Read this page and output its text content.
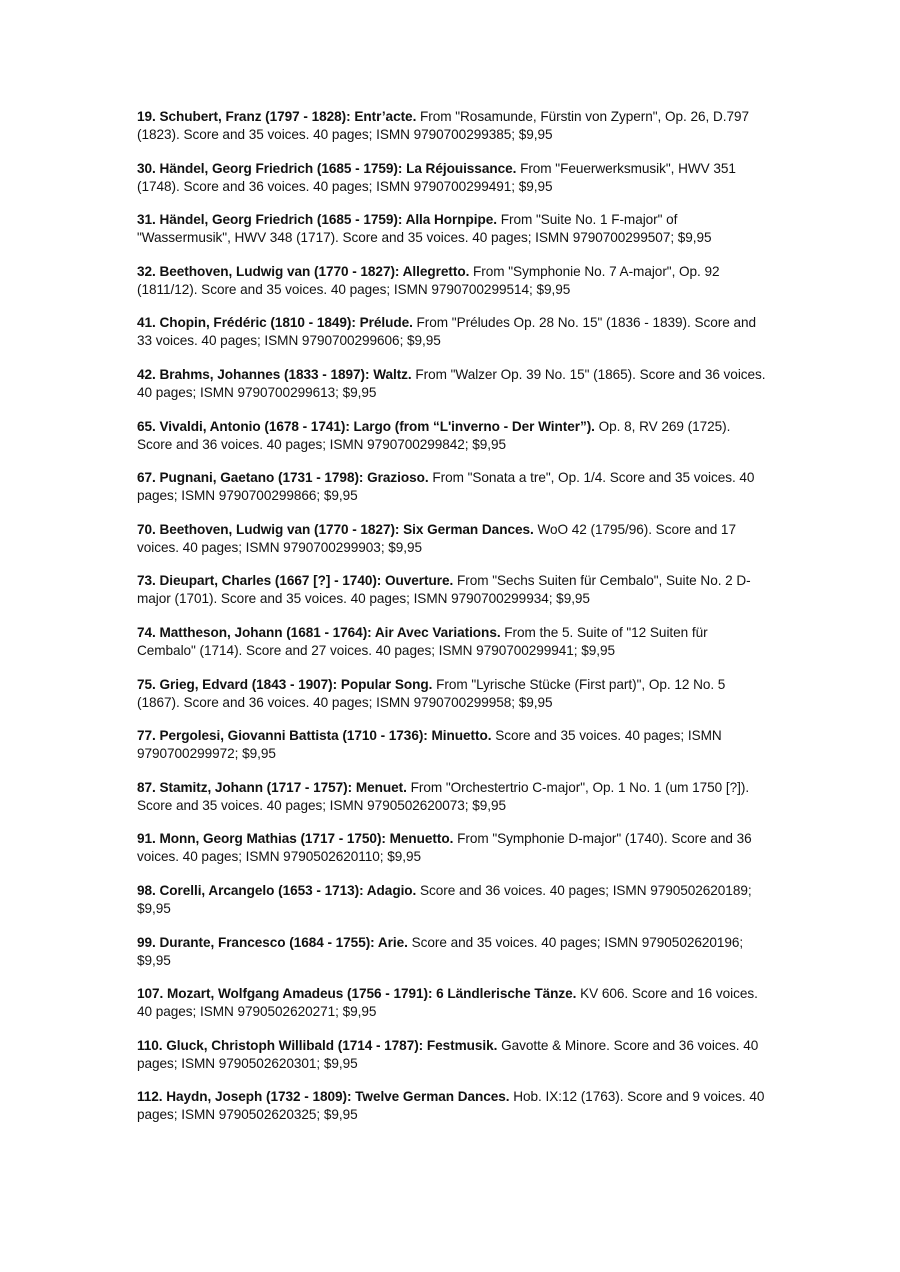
19. Schubert, Franz (1797 - 1828): Entr’acte. From "Rosamunde, Fürstin von Zypern", Op. 26, D.797 (1823). Score and 35 voices. 40 pages; ISMN 9790700299385; $9,95

30. Händel, Georg Friedrich (1685 - 1759): La Réjouissance. From "Feuerwerksmusik", HWV 351 (1748). Score and 36 voices. 40 pages; ISMN 9790700299491; $9,95

31. Händel, Georg Friedrich (1685 - 1759): Alla Hornpipe. From "Suite No. 1 F-major" of "Wassermusik", HWV 348 (1717). Score and 35 voices. 40 pages; ISMN 9790700299507; $9,95

32. Beethoven, Ludwig van (1770 - 1827): Allegretto. From "Symphonie No. 7 A-major", Op. 92 (1811/12). Score and 35 voices. 40 pages; ISMN 9790700299514; $9,95

41. Chopin, Frédéric (1810 - 1849): Prélude. From "Préludes Op. 28 No. 15" (1836 - 1839). Score and 33 voices. 40 pages; ISMN 9790700299606; $9,95

42. Brahms, Johannes (1833 - 1897): Waltz. From "Walzer Op. 39 No. 15" (1865). Score and 36 voices. 40 pages; ISMN 9790700299613; $9,95

65. Vivaldi, Antonio (1678 - 1741): Largo (from “L'inverno - Der Winter”). Op. 8, RV 269 (1725). Score and 36 voices. 40 pages; ISMN 9790700299842; $9,95

67. Pugnani, Gaetano (1731 - 1798): Grazioso. From "Sonata a tre", Op. 1/4. Score and 35 voices. 40 pages; ISMN 9790700299866; $9,95

70. Beethoven, Ludwig van (1770 - 1827): Six German Dances. WoO 42 (1795/96). Score and 17 voices. 40 pages; ISMN 9790700299903; $9,95

73. Dieupart, Charles (1667 [?] - 1740): Ouverture. From "Sechs Suiten für Cembalo", Suite No. 2 D-major (1701). Score and 35 voices. 40 pages; ISMN 9790700299934; $9,95

74. Mattheson, Johann (1681 - 1764): Air Avec Variations. From the 5. Suite of "12 Suiten für Cembalo" (1714). Score and 27 voices. 40 pages; ISMN 9790700299941; $9,95

75. Grieg, Edvard (1843 - 1907): Popular Song. From "Lyrische Stücke (First part)", Op. 12 No. 5 (1867). Score and 36 voices. 40 pages; ISMN 9790700299958; $9,95

77. Pergolesi, Giovanni Battista (1710 - 1736): Minuetto. Score and 35 voices. 40 pages; ISMN 9790700299972; $9,95

87. Stamitz, Johann (1717 - 1757): Menuet. From "Orchestertrio C-major", Op. 1 No. 1 (um 1750 [?]). Score and 35 voices. 40 pages; ISMN 9790502620073; $9,95

91. Monn, Georg Mathias (1717 - 1750): Menuetto. From "Symphonie D-major" (1740). Score and 36 voices. 40 pages; ISMN 9790502620110; $9,95

98. Corelli, Arcangelo (1653 - 1713): Adagio. Score and 36 voices. 40 pages; ISMN 9790502620189; $9,95

99. Durante, Francesco (1684 - 1755): Arie. Score and 35 voices. 40 pages; ISMN 9790502620196; $9,95

107. Mozart, Wolfgang Amadeus (1756 - 1791): 6 Ländlerische Tänze. KV 606. Score and 16 voices. 40 pages; ISMN 9790502620271; $9,95

110. Gluck, Christoph Willibald (1714 - 1787): Festmusik. Gavotte & Minore. Score and 36 voices. 40 pages; ISMN 9790502620301; $9,95

112. Haydn, Joseph (1732 - 1809): Twelve German Dances. Hob. IX:12 (1763). Score and 9 voices. 40 pages; ISMN 9790502620325; $9,95
